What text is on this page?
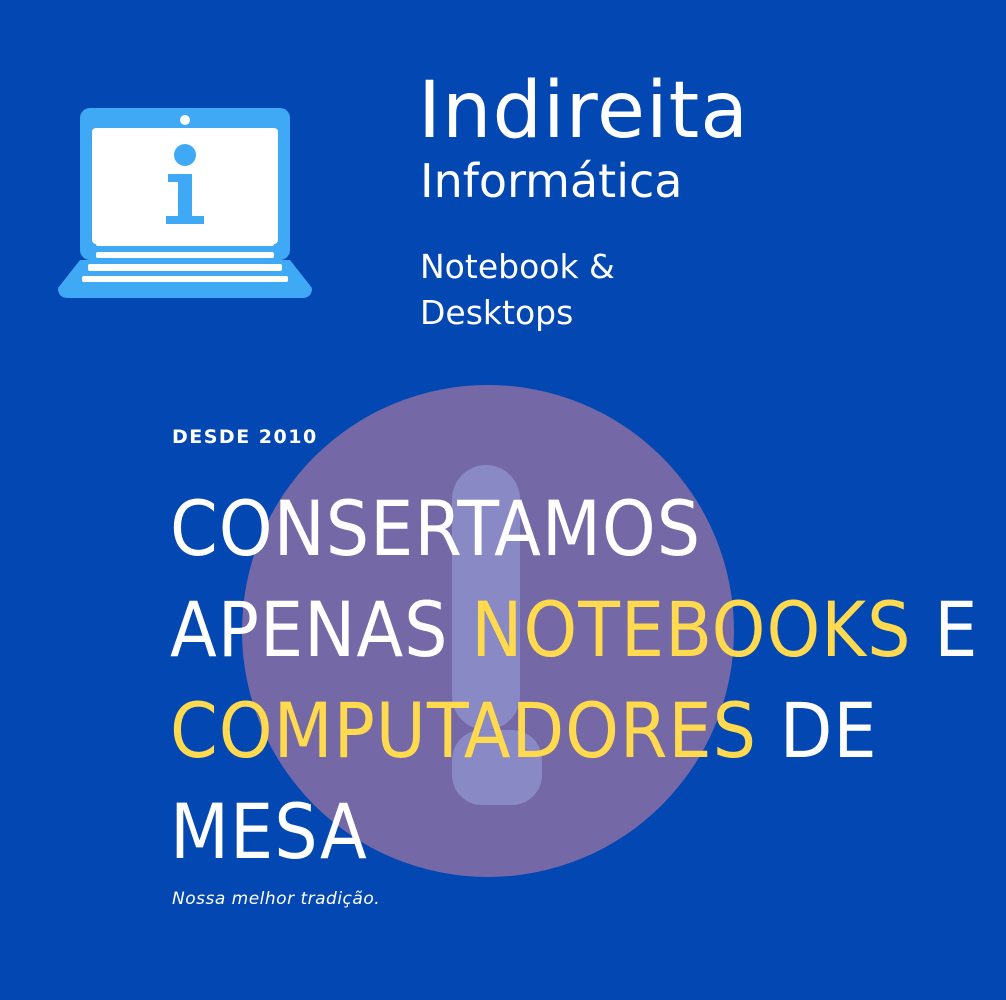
Indireita
Informática
Notebook &
Desktops
DESDE 2010
CONSERTAMOS
APENAS NOTEBOOKS E
COMPUTADORES DE
MESA
Nossa melhor tradição.
